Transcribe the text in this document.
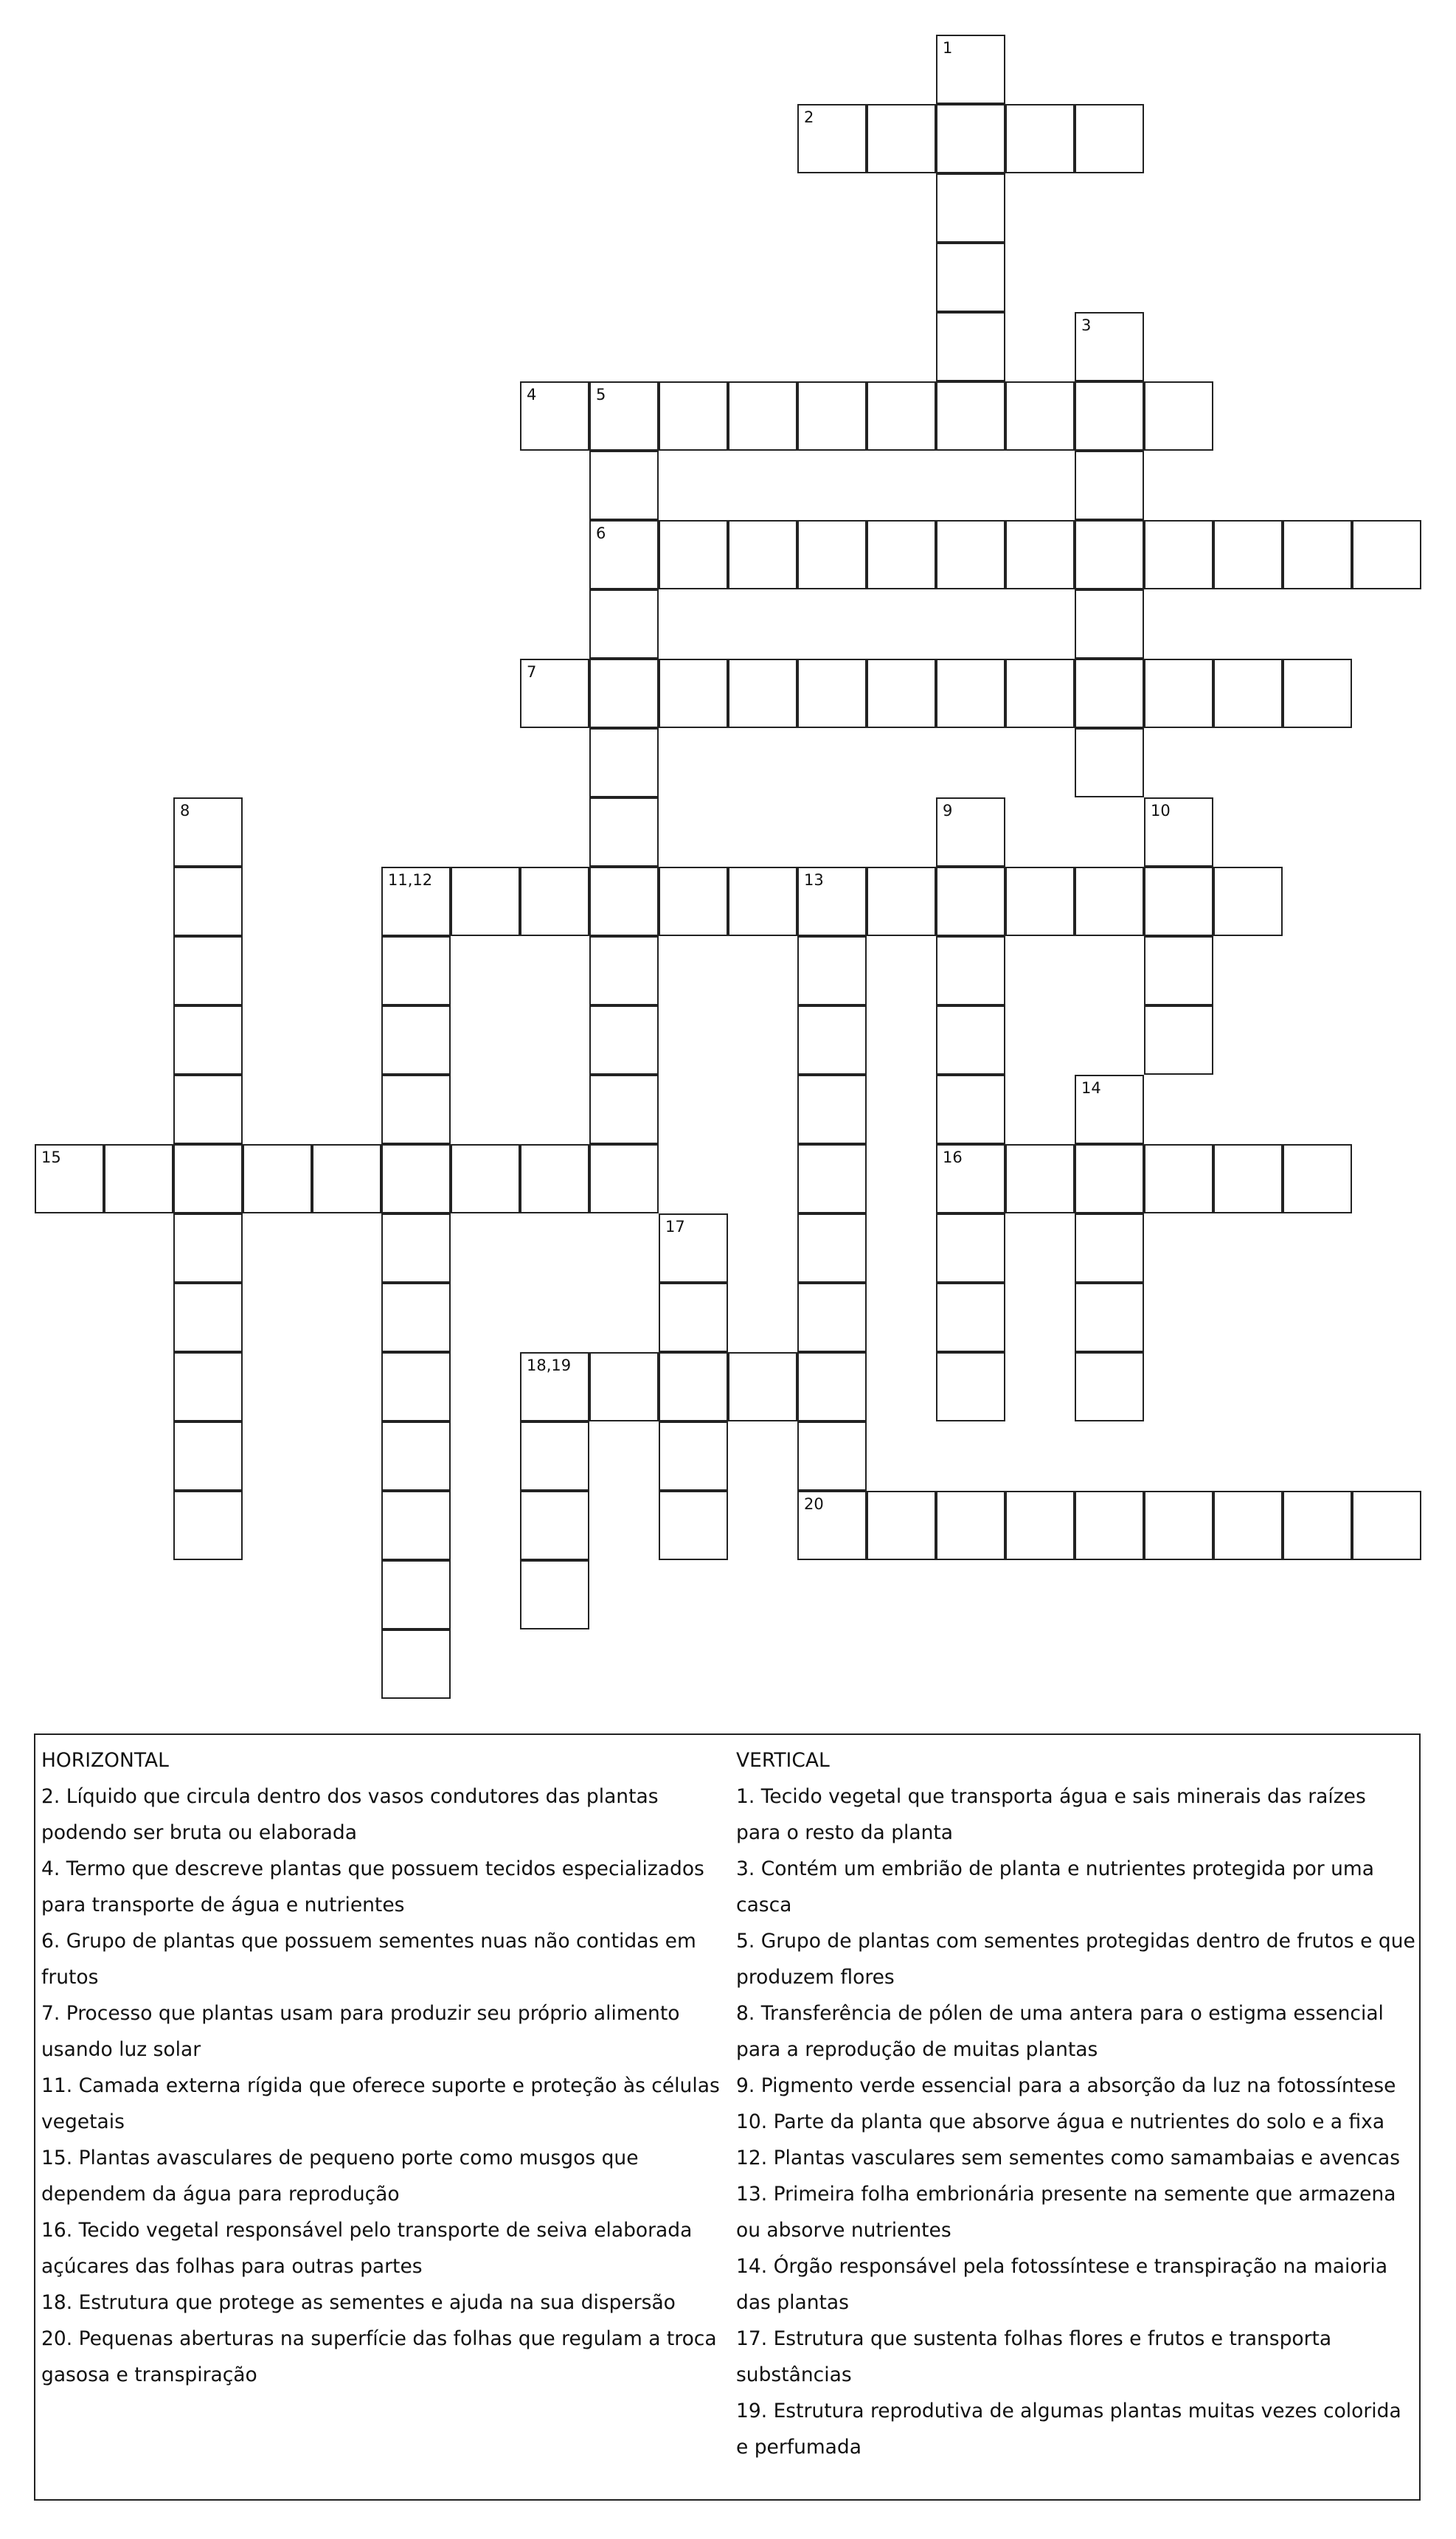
1
2
3
4	5
6
7
8	9	10
11,12	13
14
15	16
17
18,19
20
HORIZONTAL
2. Líquido que circula dentro dos vasos condutores das plantas podendo ser bruta ou elaborada
4. Termo que descreve plantas que possuem tecidos especializados para transporte de água e nutrientes
6. Grupo de plantas que possuem sementes nuas não contidas em frutos
7. Processo que plantas usam para produzir seu próprio alimento usando luz solar
11. Camada externa rígida que oferece suporte e proteção às células vegetais
15. Plantas avasculares de pequeno porte como musgos que dependem da água para reprodução
16. Tecido vegetal responsável pelo transporte de seiva elaborada açúcares das folhas para outras partes
18. Estrutura que protege as sementes e ajuda na sua dispersão
20. Pequenas aberturas na superfície das folhas que regulam a troca gasosa e transpiração
VERTICAL
1. Tecido vegetal que transporta água e sais minerais das raízes para o resto da planta
3. Contém um embrião de planta e nutrientes protegida por uma casca
5. Grupo de plantas com sementes protegidas dentro de frutos e que produzem flores
8. Transferência de pólen de uma antera para o estigma essencial para a reprodução de muitas plantas
9. Pigmento verde essencial para a absorção da luz na fotossíntese
10. Parte da planta que absorve água e nutrientes do solo e a fixa
12. Plantas vasculares sem sementes como samambaias e avencas
13. Primeira folha embrionária presente na semente que armazena ou absorve nutrientes
14. Órgão responsável pela fotossíntese e transpiração na maioria das plantas
17. Estrutura que sustenta folhas flores e frutos e transporta substâncias
19. Estrutura reprodutiva de algumas plantas muitas vezes colorida e perfumada
